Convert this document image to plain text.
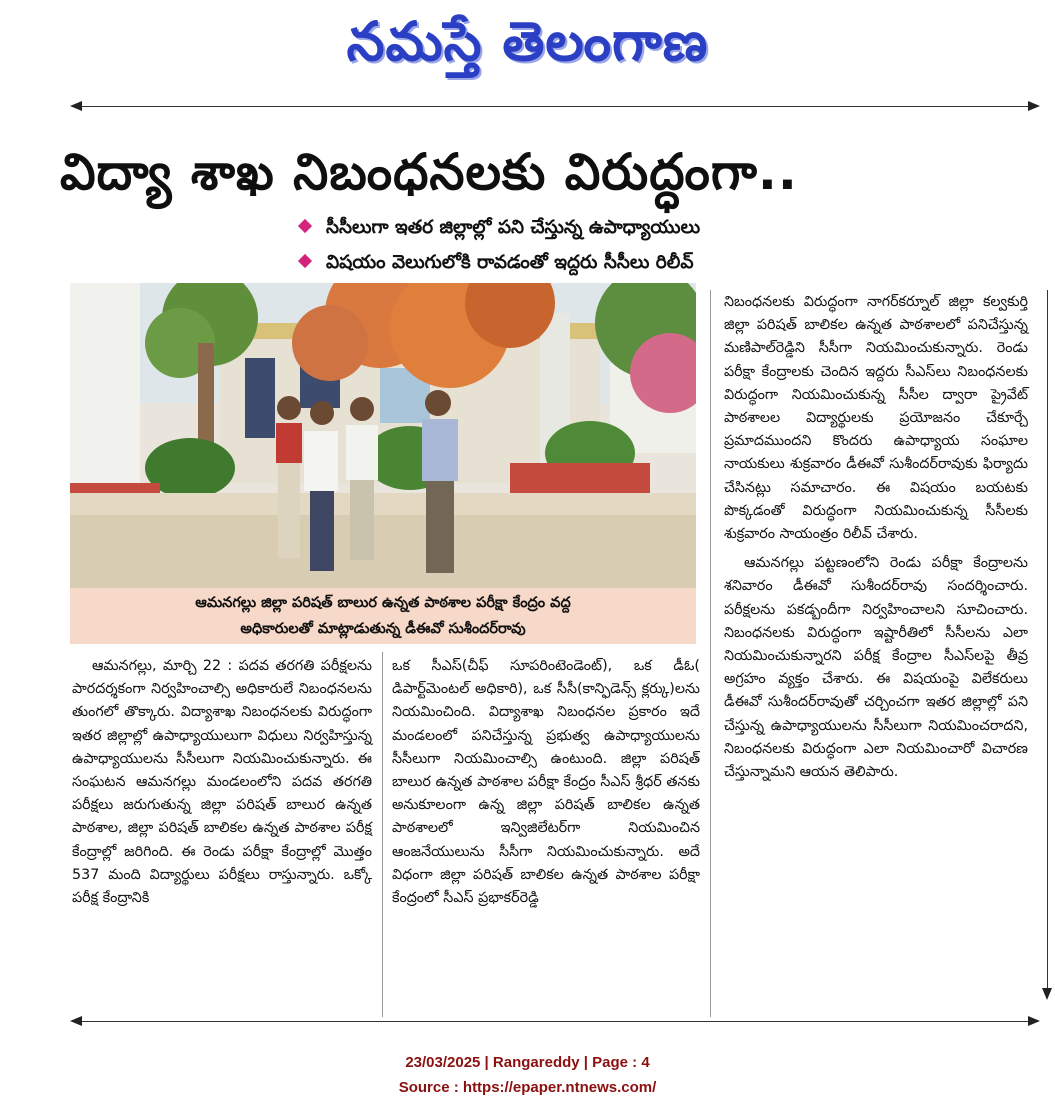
నమస్తే తెలంగాణ
విద్యా శాఖ నిబంధనలకు విరుద్ధంగా..
సీసీలుగా ఇతర జిల్లాల్లో పని చేస్తున్న ఉపాధ్యాయులు
విషయం వెలుగులోకి రావడంతో ఇద్దరు సీసీలు రిలీవ్
ఆమనగల్లు జిల్లా పరిషత్ బాలుర ఉన్నత పాఠశాల పరీక్షా కేంద్రం వద్ద
అధికారులతో మాట్లాడుతున్న డీఈవో సుశీందర్‌రావు

ఆమనగల్లు, మార్చి 22 : పదవ తరగతి పరీక్షలను పారదర్శకంగా నిర్వహించాల్సి అధికారులే నిబంధనలను తుంగలో తొక్కారు. విద్యాశాఖ నిబంధనలకు విరుద్ధంగా ఇతర జిల్లాల్లో ఉపాధ్యాయులుగా విధులు నిర్వహిస్తున్న ఉపాధ్యాయులను సీసీలుగా నియమించుకున్నారు. ఈ సంఘటన ఆమనగల్లు మండలంలోని పదవ తరగతి పరీక్షలు జరుగుతున్న జిల్లా పరిషత్ బాలుర ఉన్నత పాఠశాల, జిల్లా పరిషత్ బాలికల ఉన్నత పాఠశాల పరీక్ష కేంద్రాల్లో జరిగింది. ఈ రెండు పరీక్షా కేంద్రాల్లో మొత్తం 537 మంది విద్యార్థులు పరీక్షలు రాస్తున్నారు. ఒక్కో పరీక్ష కేంద్రానికి

ఒక సీఎస్(చీఫ్ సూపరింటెండెంట్), ఒక డీఓ( డిపార్ట్‌మెంటల్ అధికారి), ఒక సీసీ(కాన్ఫిడెన్స్ క్లర్కు)లను నియమించింది. విద్యాశాఖ నిబంధనల ప్రకారం ఇదే మండలంలో పనిచేస్తున్న ప్రభుత్వ ఉపాధ్యాయులను సీసీలుగా నియమించాల్సి ఉంటుంది. జిల్లా పరిషత్ బాలుర ఉన్నత పాఠశాల పరీక్షా కేంద్రం సీఎస్ శ్రీధర్ తనకు అనుకూలంగా ఉన్న జిల్లా పరిషత్ బాలికల ఉన్నత పాఠశాలలో ఇన్విజిలేటర్‌గా నియమించిన ఆంజనేయులును సీసీగా నియమించుకున్నారు. అదే విధంగా జిల్లా పరిషత్ బాలికల ఉన్నత పాఠశాల పరీక్షా కేంద్రంలో సీఎస్ ప్రభాకర్‌రెడ్డి

నిబంధనలకు విరుద్ధంగా నాగర్‌కర్నూల్ జిల్లా కల్వకుర్తి జిల్లా పరిషత్ బాలికల ఉన్నత పాఠశాలలో పనిచేస్తున్న మణిపాల్‌రెడ్డిని సీసీగా నియమించుకున్నారు. రెండు పరీక్షా కేంద్రాలకు చెందిన ఇద్దరు సీఎస్‌లు నిబంధనలకు విరుద్ధంగా నియమించుకున్న సీసీల ద్వారా ప్రైవేట్ పాఠశాలల విద్యార్థులకు ప్రయోజనం చేకూర్చే ప్రమాదముందని కొందరు ఉపాధ్యాయ సంఘాల నాయకులు శుక్రవారం డీఈవో సుశీందర్‌రావుకు ఫిర్యాదు చేసినట్లు సమాచారం. ఈ విషయం బయటకు పొక్కడంతో విరుద్ధంగా నియమించుకున్న సీసీలకు శుక్రవారం సాయంత్రం రిలీవ్ చేశారు.

ఆమనగల్లు పట్టణంలోని రెండు పరీక్షా కేంద్రాలను శనివారం డీఈవో సుశీందర్‌రావు సందర్శించారు. పరీక్షలను పకడ్బందీగా నిర్వహించాలని సూచించారు. నిబంధనలకు విరుద్ధంగా ఇష్టారీతిలో సీసీలను ఎలా నియమించుకున్నారని పరీక్ష కేంద్రాల సీఎస్‌లపై తీవ్ర అగ్రహం వ్యక్తం చేశారు. ఈ విషయంపై విలేకరులు డీఈవో సుశీందర్‌రావుతో చర్చించగా ఇతర జిల్లాల్లో పని చేస్తున్న ఉపాధ్యాయులను సీసీలుగా నియమించరాదని, నిబంధనలకు విరుద్ధంగా ఎలా నియమించారో విచారణ చేస్తున్నామని ఆయన తెలిపారు.

23/03/2025 | Rangareddy | Page : 4
Source : https://epaper.ntnews.com/
